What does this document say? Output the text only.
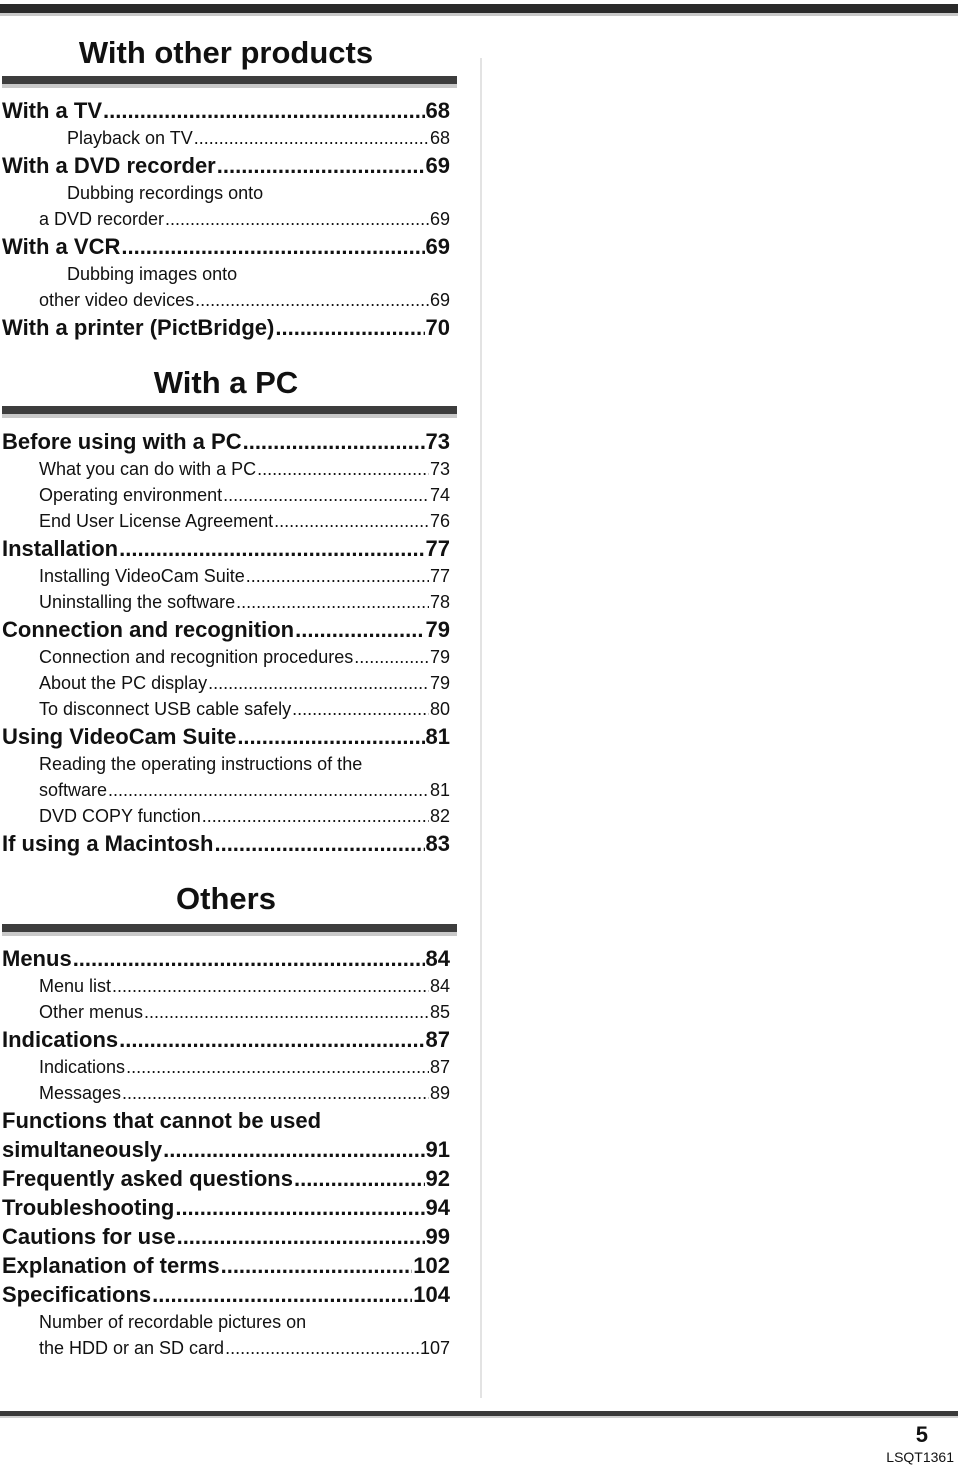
With other products
With a TV .....	68
Playback on TV .....	68
With a DVD recorder .....	69
Dubbing recordings onto
a DVD recorder .....	69
With a VCR .....	69
Dubbing images onto
other video devices .....	69
With a printer (PictBridge) .....	70
With a PC
Before using with a PC .....	73
What you can do with a PC .....	73
Operating environment .....	74
End User License Agreement .....	76
Installation .....	77
Installing VideoCam Suite .....	77
Uninstalling the software .....	78
Connection and recognition .....	79
Connection and recognition procedures .....	79
About the PC display .....	79
To disconnect USB cable safely .....	80
Using VideoCam Suite .....	81
Reading the operating instructions of the
software .....	81
DVD COPY function .....	82
If using a Macintosh .....	83
Others
Menus .....	84
Menu list .....	84
Other menus .....	85
Indications .....	87
Indications .....	87
Messages .....	89
Functions that cannot be used
simultaneously .....	91
Frequently asked questions .....	92
Troubleshooting .....	94
Cautions for use .....	99
Explanation of terms .....	102
Specifications .....	104
Number of recordable pictures on
the HDD or an SD card .....	107
5
LSQT1361
